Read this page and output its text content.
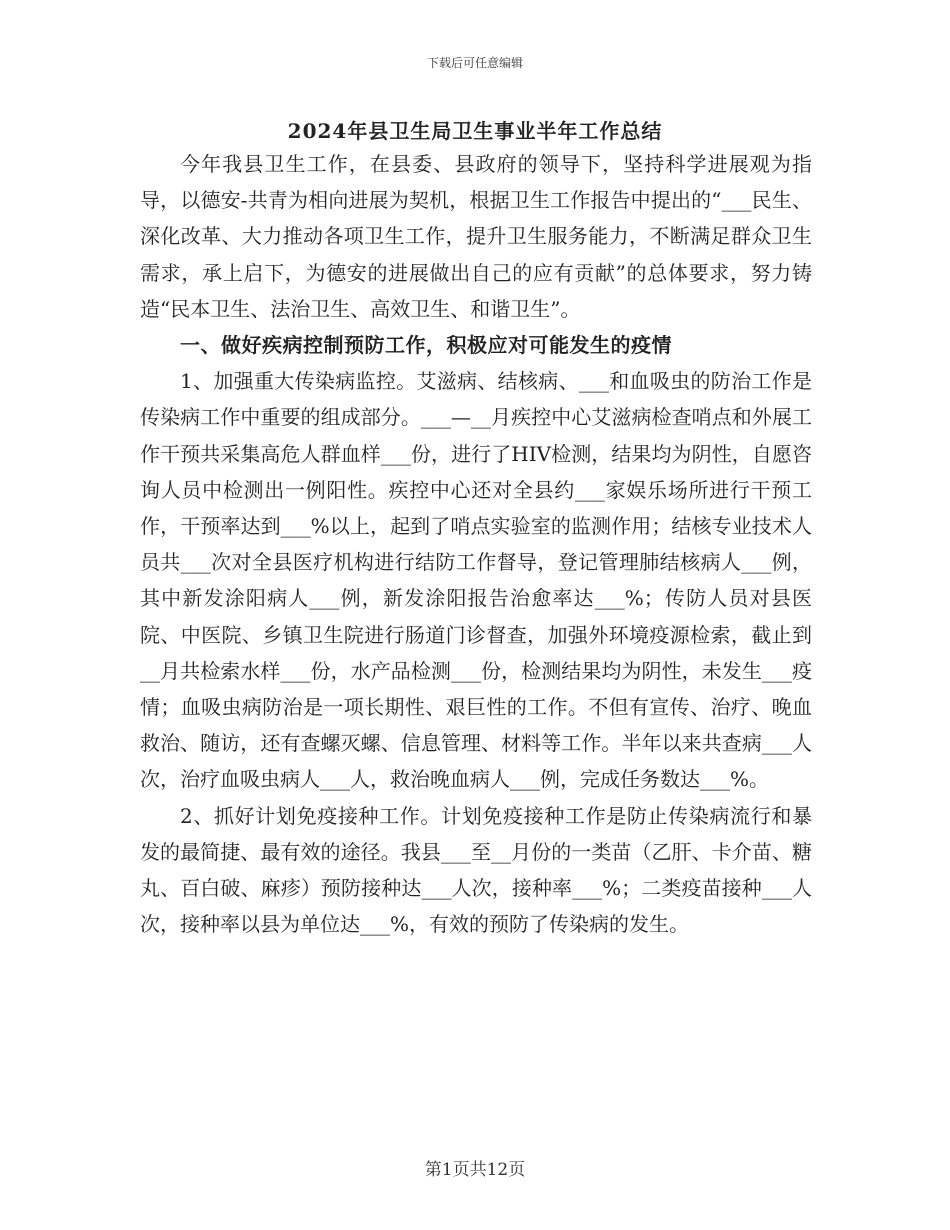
下载后可任意编辑
2024年县卫生局卫生事业半年工作总结

今年我县卫生工作，在县委、县政府的领导下，坚持科学进展观为指导，以德安-共青为相向进展为契机，根据卫生工作报告中提出的“___民生、深化改革、大力推动各项卫生工作，提升卫生服务能力，不断满足群众卫生需求，承上启下，为德安的进展做出自己的应有贡献”的总体要求，努力铸造“民本卫生、法治卫生、高效卫生、和谐卫生”。

一、做好疾病控制预防工作，积极应对可能发生的疫情

1、加强重大传染病监控。艾滋病、结核病、___和血吸虫的防治工作是传染病工作中重要的组成部分。___—__月疾控中心艾滋病检查哨点和外展工作干预共采集高危人群血样___份，进行了HIV检测，结果均为阴性，自愿咨询人员中检测出一例阳性。疾控中心还对全县约___家娱乐场所进行干预工作，干预率达到___%以上，起到了哨点实验室的监测作用；结核专业技术人员共___次对全县医疗机构进行结防工作督导，登记管理肺结核病人___例，其中新发涂阳病人___例，新发涂阳报告治愈率达___%；传防人员对县医院、中医院、乡镇卫生院进行肠道门诊督查，加强外环境疫源检索，截止到__月共检索水样___份，水产品检测___份，检测结果均为阴性，未发生___疫情；血吸虫病防治是一项长期性、艰巨性的工作。不但有宣传、治疗、晚血救治、随访，还有查螺灭螺、信息管理、材料等工作。半年以来共查病___人次，治疗血吸虫病人___人，救治晚血病人___例，完成任务数达___%。

2、抓好计划免疫接种工作。计划免疫接种工作是防止传染病流行和暴发的最简捷、最有效的途径。我县___至__月份的一类苗（乙肝、卡介苗、糖丸、百白破、麻疹）预防接种达___人次，接种率___%；二类疫苗接种___人次，接种率以县为单位达___%，有效的预防了传染病的发生。

第1页共12页
